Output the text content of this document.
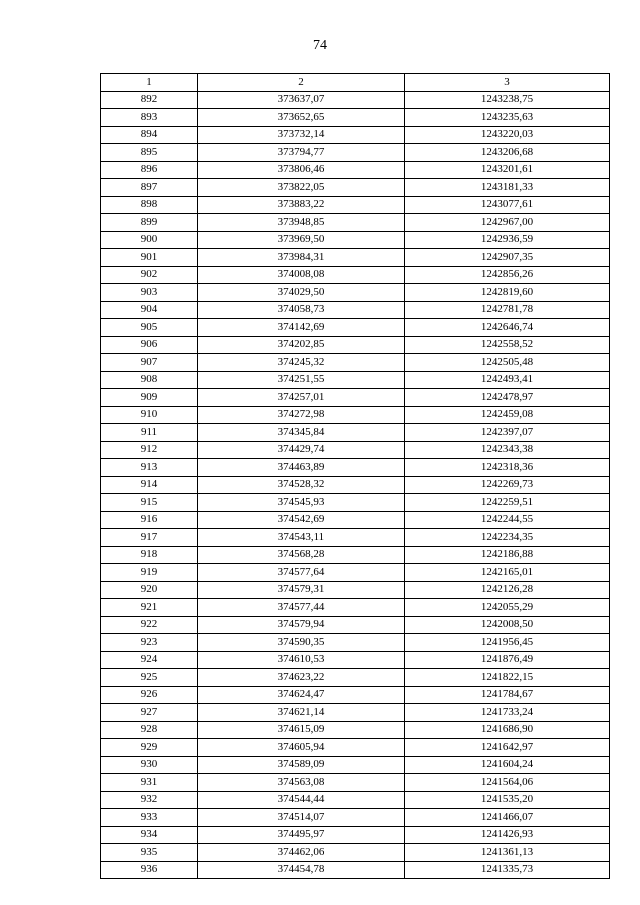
74
1	2	3
892	373637,07	1243238,75
893	373652,65	1243235,63
894	373732,14	1243220,03
895	373794,77	1243206,68
896	373806,46	1243201,61
897	373822,05	1243181,33
898	373883,22	1243077,61
899	373948,85	1242967,00
900	373969,50	1242936,59
901	373984,31	1242907,35
902	374008,08	1242856,26
903	374029,50	1242819,60
904	374058,73	1242781,78
905	374142,69	1242646,74
906	374202,85	1242558,52
907	374245,32	1242505,48
908	374251,55	1242493,41
909	374257,01	1242478,97
910	374272,98	1242459,08
911	374345,84	1242397,07
912	374429,74	1242343,38
913	374463,89	1242318,36
914	374528,32	1242269,73
915	374545,93	1242259,51
916	374542,69	1242244,55
917	374543,11	1242234,35
918	374568,28	1242186,88
919	374577,64	1242165,01
920	374579,31	1242126,28
921	374577,44	1242055,29
922	374579,94	1242008,50
923	374590,35	1241956,45
924	374610,53	1241876,49
925	374623,22	1241822,15
926	374624,47	1241784,67
927	374621,14	1241733,24
928	374615,09	1241686,90
929	374605,94	1241642,97
930	374589,09	1241604,24
931	374563,08	1241564,06
932	374544,44	1241535,20
933	374514,07	1241466,07
934	374495,97	1241426,93
935	374462,06	1241361,13
936	374454,78	1241335,73
